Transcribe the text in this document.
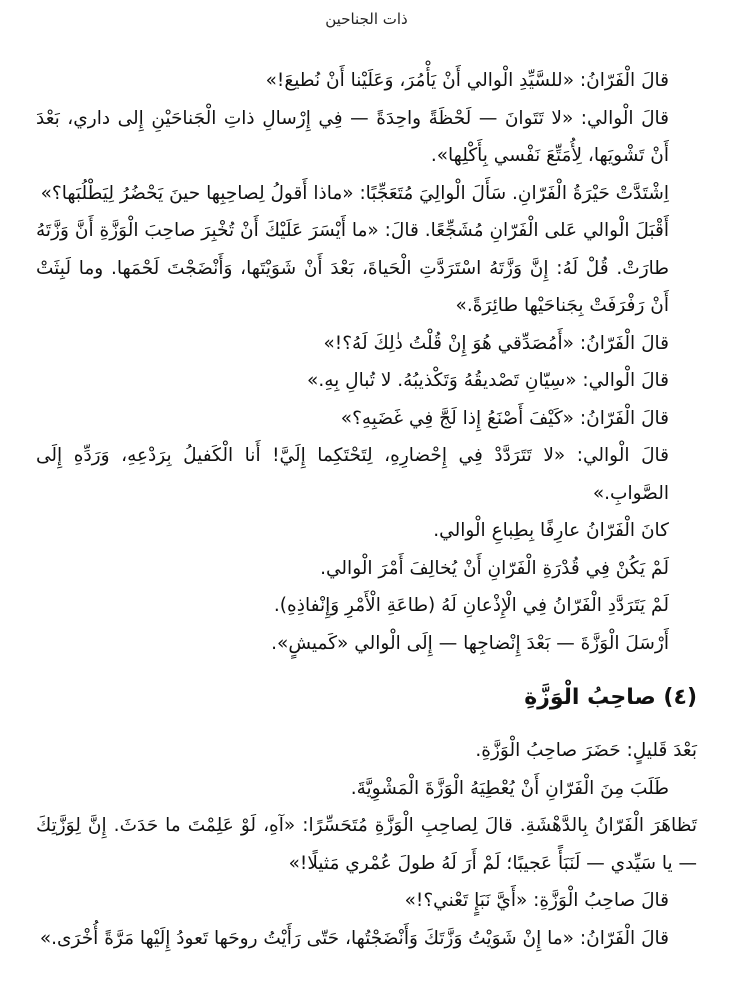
ذات الجناحين

قالَ الْفَرّانُ: «للسَّيِّدِ الْوالي أَنْ يَأْمُرَ، وَعَلَيْنا أَنْ نُطيعَ!»

قالَ الْوالي: «لا تَتَوانَ — لَحْظَةً واحِدَةً — فِي إِرْسالِ ذاتِ الْجَناحَيْنِ إِلى داري، بَعْدَ أَنْ تَشْويَها، لِأُمَتِّعَ نَفْسي بِأَكْلِها».

اِشْتَدَّتْ حَيْرَةُ الْفَرّانِ. سَأَلَ الْوالِيَ مُتَعَجِّبًا: «ماذا أَقولُ لِصاحِبِها حينَ يَحْضُرُ لِيَطْلُبَها؟»

أَقْبَلَ الْوالي عَلى الْفَرّانِ مُشَجِّعًا. قالَ: «ما أَيْسَرَ عَلَيْكَ أَنْ تُخْبِرَ صاحِبَ الْوَزَّةِ أَنَّ وَزَّتَهُ طارَتْ. قُلْ لَهُ: إِنَّ وَزَّتَهُ اسْتَرَدَّتِ الْحَياةَ، بَعْدَ أَنْ شَوَيْتَها، وَأَنْضَجْتَ لَحْمَها. وما لَبِثَتْ أَنْ رَفْرَفَتْ بِجَناحَيْها طائِرَةً.»

قالَ الْفَرّانُ: «أَمُصَدِّقي هُوَ إِنْ قُلْتُ ذٰلِكَ لَهُ؟!»

قالَ الْوالي: «سِيّانِ تَصْديقُهُ وَتَكْذيبُهُ. لا تُبالِ بِهِ.»

قالَ الْفَرّانُ: «كَيْفَ أَصْنَعُ إِذا لَجَّ فِي غَضَبِهِ؟»

قالَ الْوالي: «لا تَتَرَدَّدْ فِي إِحْضارِهِ، لِتَحْتَكِما إِلَيَّ! أَنا الْكَفيلُ بِرَدْعِهِ، وَرَدِّهِ إِلَى الصَّوابِ.»

كانَ الْفَرّانُ عارِفًا بِطِباعِ الْوالي.

لَمْ يَكُنْ فِي قُدْرَةِ الْفَرّانِ أَنْ يُخالِفَ أَمْرَ الْوالي.

لَمْ يَتَرَدَّدِ الْفَرّانُ فِي الْإِذْعانِ لَهُ (طاعَةِ الْأَمْرِ وَإِنْفاذِهِ).

أَرْسَلَ الْوَزَّةَ — بَعْدَ إِنْضاجِها — إِلَى الْوالي «كَميشٍ».

(٤) صاحِبُ الْوَزَّةِ

بَعْدَ قَليلٍ: حَضَرَ صاحِبُ الْوَزَّةِ.

طَلَبَ مِنَ الْفَرّانِ أَنْ يُعْطِيَهُ الْوَزَّةَ الْمَشْوِيَّةَ.

تَظاهَرَ الْفَرّانُ بِالدَّهْشَةِ. قالَ لِصاحِبِ الْوَزَّةِ مُتَحَسِّرًا: «آهِ، لَوْ عَلِمْتَ ما حَدَثَ. إِنَّ لِوَزَّتِكَ — يا سَيِّدي — لَنَبَأً عَجيبًا؛ لَمْ أَرَ لَهُ طولَ عُمْري مَثيلًا!»

قالَ صاحِبُ الْوَزَّةِ: «أَيَّ نَبَإٍ تَعْني؟!»

قالَ الْفَرّانُ: «ما إِنْ شَوَيْتُ وَزَّتَكَ وَأَنْضَجْتُها، حَتّى رَأَيْتُ روحَها تَعودُ إِلَيْها مَرَّةً أُخْرَى.»
